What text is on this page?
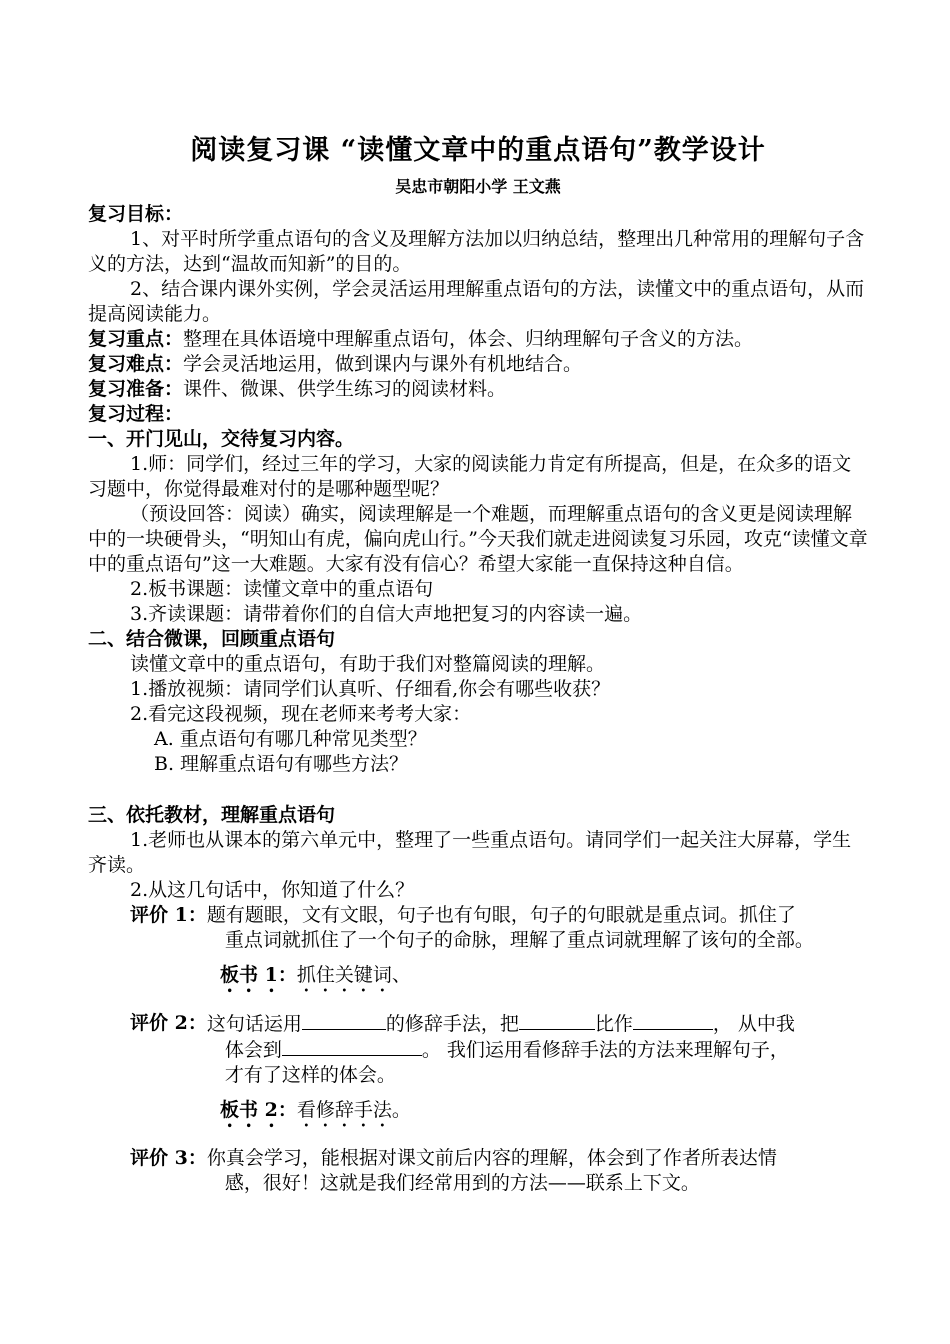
阅读复习课 “读懂文章中的重点语句”教学设计

吴忠市朝阳小学 王文燕

复习目标：

1、对平时所学重点语句的含义及理解方法加以归纳总结，整理出几种常用的理解句子含义的方法，达到“温故而知新”的目的。

2、结合课内课外实例，学会灵活运用理解重点语句的方法，读懂文中的重点语句，从而提高阅读能力。

复习重点：整理在具体语境中理解重点语句，体会、归纳理解句子含义的方法。

复习难点：学会灵活地运用，做到课内与课外有机地结合。

复习准备：课件、微课、供学生练习的阅读材料。

复习过程：

一、开门见山，交待复习内容。

1.师：同学们，经过三年的学习，大家的阅读能力肯定有所提高，但是，在众多的语文习题中，你觉得最难对付的是哪种题型呢？

（预设回答：阅读）确实，阅读理解是一个难题，而理解重点语句的含义更是阅读理解中的一块硬骨头，“明知山有虎，偏向虎山行。”今天我们就走进阅读复习乐园，攻克“读懂文章中的重点语句”这一大难题。大家有没有信心？希望大家能一直保持这种自信。

2.板书课题：读懂文章中的重点语句

3.齐读课题：请带着你们的自信大声地把复习的内容读一遍。

二、结合微课，回顾重点语句

读懂文章中的重点语句，有助于我们对整篇阅读的理解。

1.播放视频：请同学们认真听、仔细看,你会有哪些收获？

2.看完这段视频，现在老师来考考大家：

A. 重点语句有哪几种常见类型？

B. 理解重点语句有哪些方法？

三、依托教材，理解重点语句

1.老师也从课本的第六单元中，整理了一些重点语句。请同学们一起关注大屏幕，学生齐读。

2.从这几句话中，你知道了什么？

评价 1： 题有题眼，文有文眼，句子也有句眼，句子的句眼就是重点词。抓住了
重点词就抓住了一个句子的命脉，理解了重点词就理解了该句的全部。

板书 1：抓住关键词、

评价 2： 这句话运用	的修辞手法，把	比作	， 从中我
体会到	。 我们运用看修辞手法的方法来理解句子，
才有了这样的体会。

板书 2：看修辞手法。

评价 3： 你真会学习，能根据对课文前后内容的理解，体会到了作者所表达情
感，很好！这就是我们经常用到的方法——联系上下文。
